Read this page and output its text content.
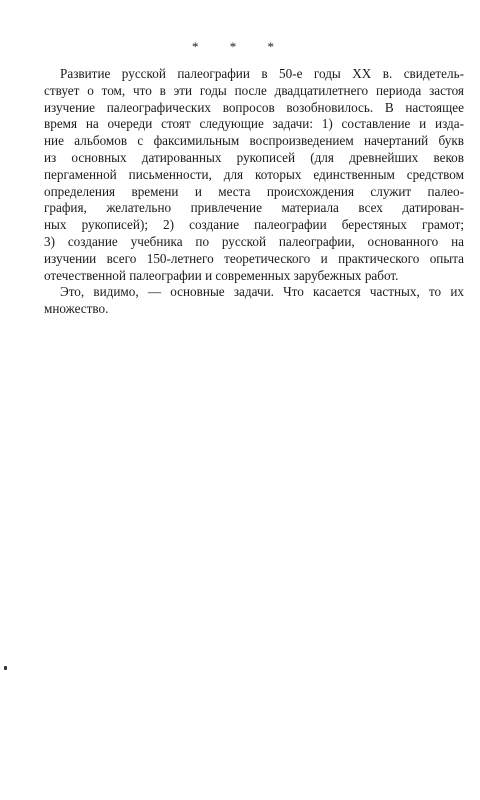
* * *
Развитие русской палеографии в 50-е годы XX в. свидетель-
ствует о том, что в эти годы после двадцатилетнего периода застоя
изучение палеографических вопросов возобновилось. В настоящее
время на очереди стоят следующие задачи: 1) составление и изда-
ние альбомов с факсимильным воспроизведением начертаний букв
из основных датированных рукописей (для древнейших веков
пергаменной письменности, для которых единственным средством
определения времени и места происхождения служит палео-
графия, желательно привлечение материала всех датирован-
ных рукописей); 2) создание палеографии берестяных грамот;
3) создание учебника по русской палеографии, основанного на
изучении всего 150-летнего теоретического и практического опыта
отечественной палеографии и современных зарубежных работ.
Это, видимо, — основные задачи. Что касается частных, то их
множество.
